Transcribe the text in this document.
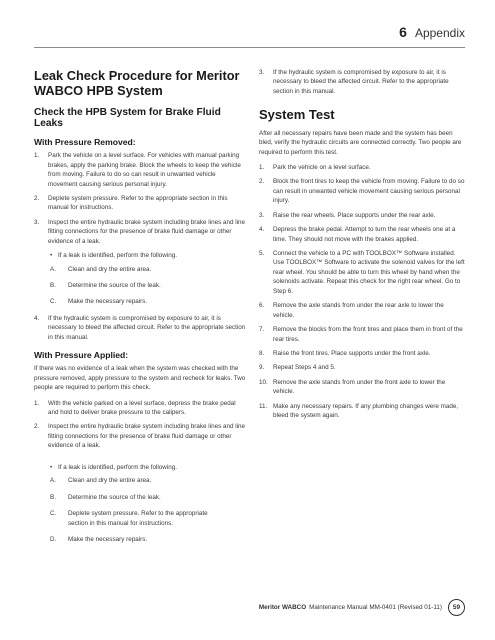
6 Appendix
Leak Check Procedure for Meritor WABCO HPB System
Check the HPB System for Brake Fluid Leaks
With Pressure Removed:
1. Park the vehicle on a level surface. For vehicles with manual parking brakes, apply the parking brake. Block the wheels to keep the vehicle from moving. Failure to do so can result in unwanted vehicle movement causing serious personal injury.
2. Deplete system pressure. Refer to the appropriate section in this manual for instructions.
3. Inspect the entire hydraulic brake system including brake lines and line fitting connections for the presence of brake fluid damage or other evidence of a leak.
• If a leak is identified, perform the following.
A. Clean and dry the entire area.
B. Determine the source of the leak.
C. Make the necessary repairs.
4. If the hydraulic system is compromised by exposure to air, it is necessary to bleed the affected circuit. Refer to the appropriate section in this manual.
With Pressure Applied:

If there was no evidence of a leak when the system was checked with the pressure removed, apply pressure to the system and recheck for leaks. Two people are required to perform this check.

1. With the vehicle parked on a level surface, depress the brake pedal and hold to deliver brake pressure to the calipers.
2. Inspect the entire hydraulic brake system including brake lines and line fitting connections for the presence of brake fluid damage or other evidence of a leak.
• If a leak is identified, perform the following.
A. Clean and dry the entire area.
B. Determine the source of the leak.
C. Deplete system pressure. Refer to the appropriate section in this manual for instructions.
D. Make the necessary repairs.
3. If the hydraulic system is compromised by exposure to air, it is necessary to bleed the affected circuit. Refer to the appropriate section in this manual.
System Test

After all necessary repairs have been made and the system has been bled, verify the hydraulic circuits are connected correctly. Two people are required to perform this test.

1. Park the vehicle on a level surface.
2. Block the front tires to keep the vehicle from moving. Failure to do so can result in unwanted vehicle movement causing serious personal injury.
3. Raise the rear wheels. Place supports under the rear axle.
4. Depress the brake pedal. Attempt to turn the rear wheels one at a time. They should not move with the brakes applied.
5. Connect the vehicle to a PC with TOOLBOX™ Software installed. Use TOOLBOX™ Software to activate the solenoid valves for the left rear wheel. You should be able to turn this wheel by hand when the solenoids activate. Repeat this check for the right rear wheel. Go to Step 6.
6. Remove the axle stands from under the rear axle to lower the vehicle.
7. Remove the blocks from the front tires and place them in front of the rear tires.
8. Raise the front tires. Place supports under the front axle.
9. Repeat Steps 4 and 5.
10. Remove the axle stands from under the front axle to lower the vehicle.
11. Make any necessary repairs. If any plumbing changes were made, bleed the system again.
Meritor WABCO Maintenance Manual MM-0401 (Revised 01-11)	59
